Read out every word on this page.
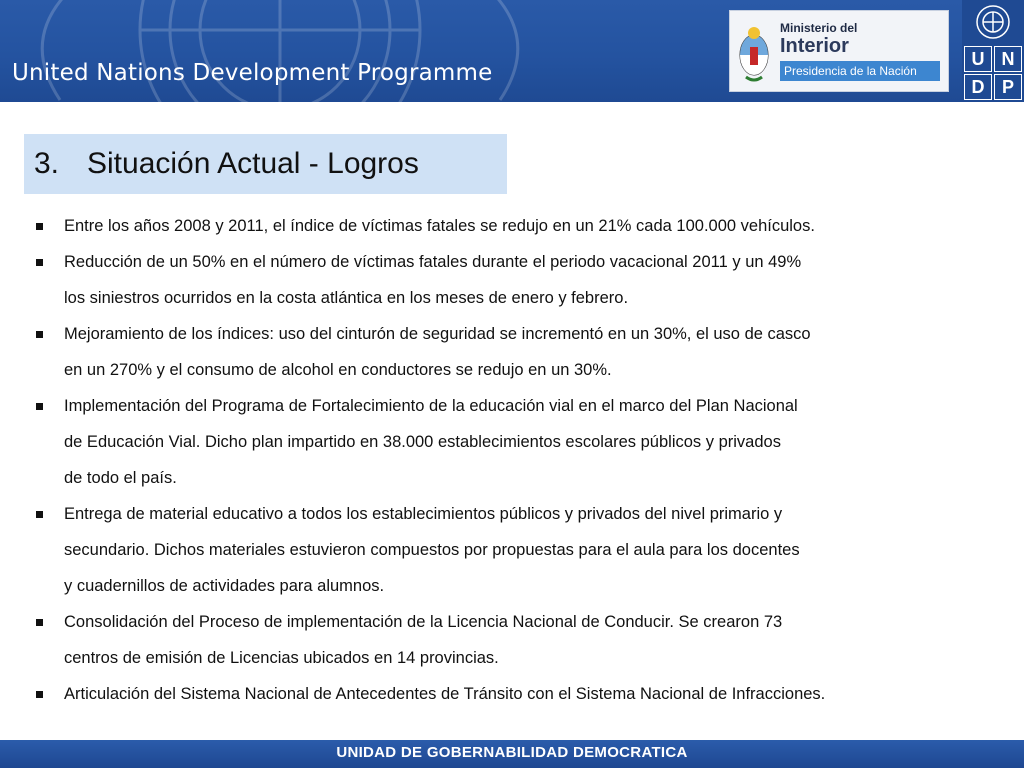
United Nations Development Programme
Ministerio del
Interior
Presidencia de la Nación
U N
D P
3. Situación Actual - Logros
Entre los años 2008 y 2011, el índice de víctimas fatales se redujo en un 21% cada 100.000 vehículos.
Reducción de un 50% en el número de víctimas fatales durante el periodo vacacional 2011 y un 49%
los siniestros ocurridos en la costa atlántica en los meses de enero y febrero.
Mejoramiento de los índices: uso del cinturón de seguridad se incrementó en un 30%, el uso de casco
en un 270% y el consumo de alcohol en conductores se redujo en un 30%.
Implementación del Programa de Fortalecimiento de la educación vial en el marco del Plan Nacional
de Educación Vial. Dicho plan impartido en 38.000 establecimientos escolares públicos y privados
de todo el país.
Entrega de material educativo a todos los establecimientos públicos y privados del nivel primario y
secundario. Dichos materiales estuvieron compuestos por propuestas para el aula para los docentes
y cuadernillos de actividades para alumnos.
Consolidación del Proceso de implementación de la Licencia Nacional de Conducir. Se crearon 73
centros de emisión de Licencias ubicados en 14 provincias.
Articulación del Sistema Nacional de Antecedentes de Tránsito con el Sistema Nacional de Infracciones.
UNIDAD DE GOBERNABILIDAD DEMOCRATICA
